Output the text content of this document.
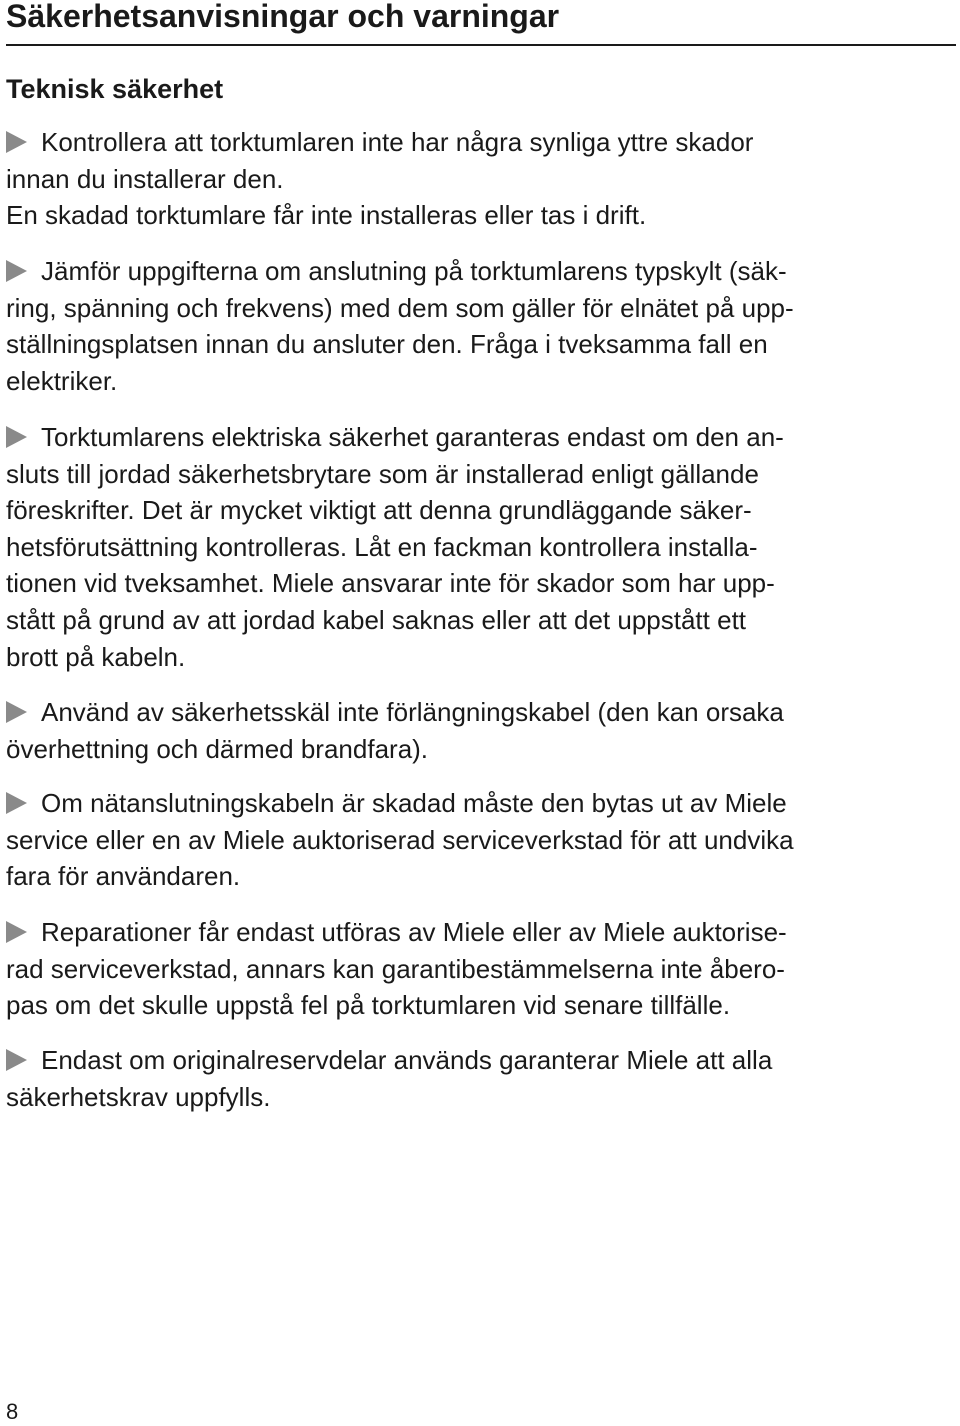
Säkerhetsanvisningar och varningar
Teknisk säkerhet

Kontrollera att torktumlaren inte har några synliga yttre skador
innan du installerar den.
En skadad torktumlare får inte installeras eller tas i drift.

Jämför uppgifterna om anslutning på torktumlarens typskylt (säk-
ring, spänning och frekvens) med dem som gäller för elnätet på upp-
ställningsplatsen innan du ansluter den. Fråga i tveksamma fall en
elektriker.

Torktumlarens elektriska säkerhet garanteras endast om den an-
sluts till jordad säkerhetsbrytare som är installerad enligt gällande
föreskrifter. Det är mycket viktigt att denna grundläggande säker-
hetsförutsättning kontrolleras. Låt en fackman kontrollera installa-
tionen vid tveksamhet. Miele ansvarar inte för skador som har upp-
stått på grund av att jordad kabel saknas eller att det uppstått ett
brott på kabeln.

Använd av säkerhetsskäl inte förlängningskabel (den kan orsaka
överhettning och därmed brandfara).

Om nätanslutningskabeln är skadad måste den bytas ut av Miele
service eller en av Miele auktoriserad serviceverkstad för att undvika
fara för användaren.

Reparationer får endast utföras av Miele eller av Miele auktorise-
rad serviceverkstad, annars kan garantibestämmelserna inte åbero-
pas om det skulle uppstå fel på torktumlaren vid senare tillfälle.

Endast om originalreservdelar används garanterar Miele att alla
säkerhetskrav uppfylls.

8
